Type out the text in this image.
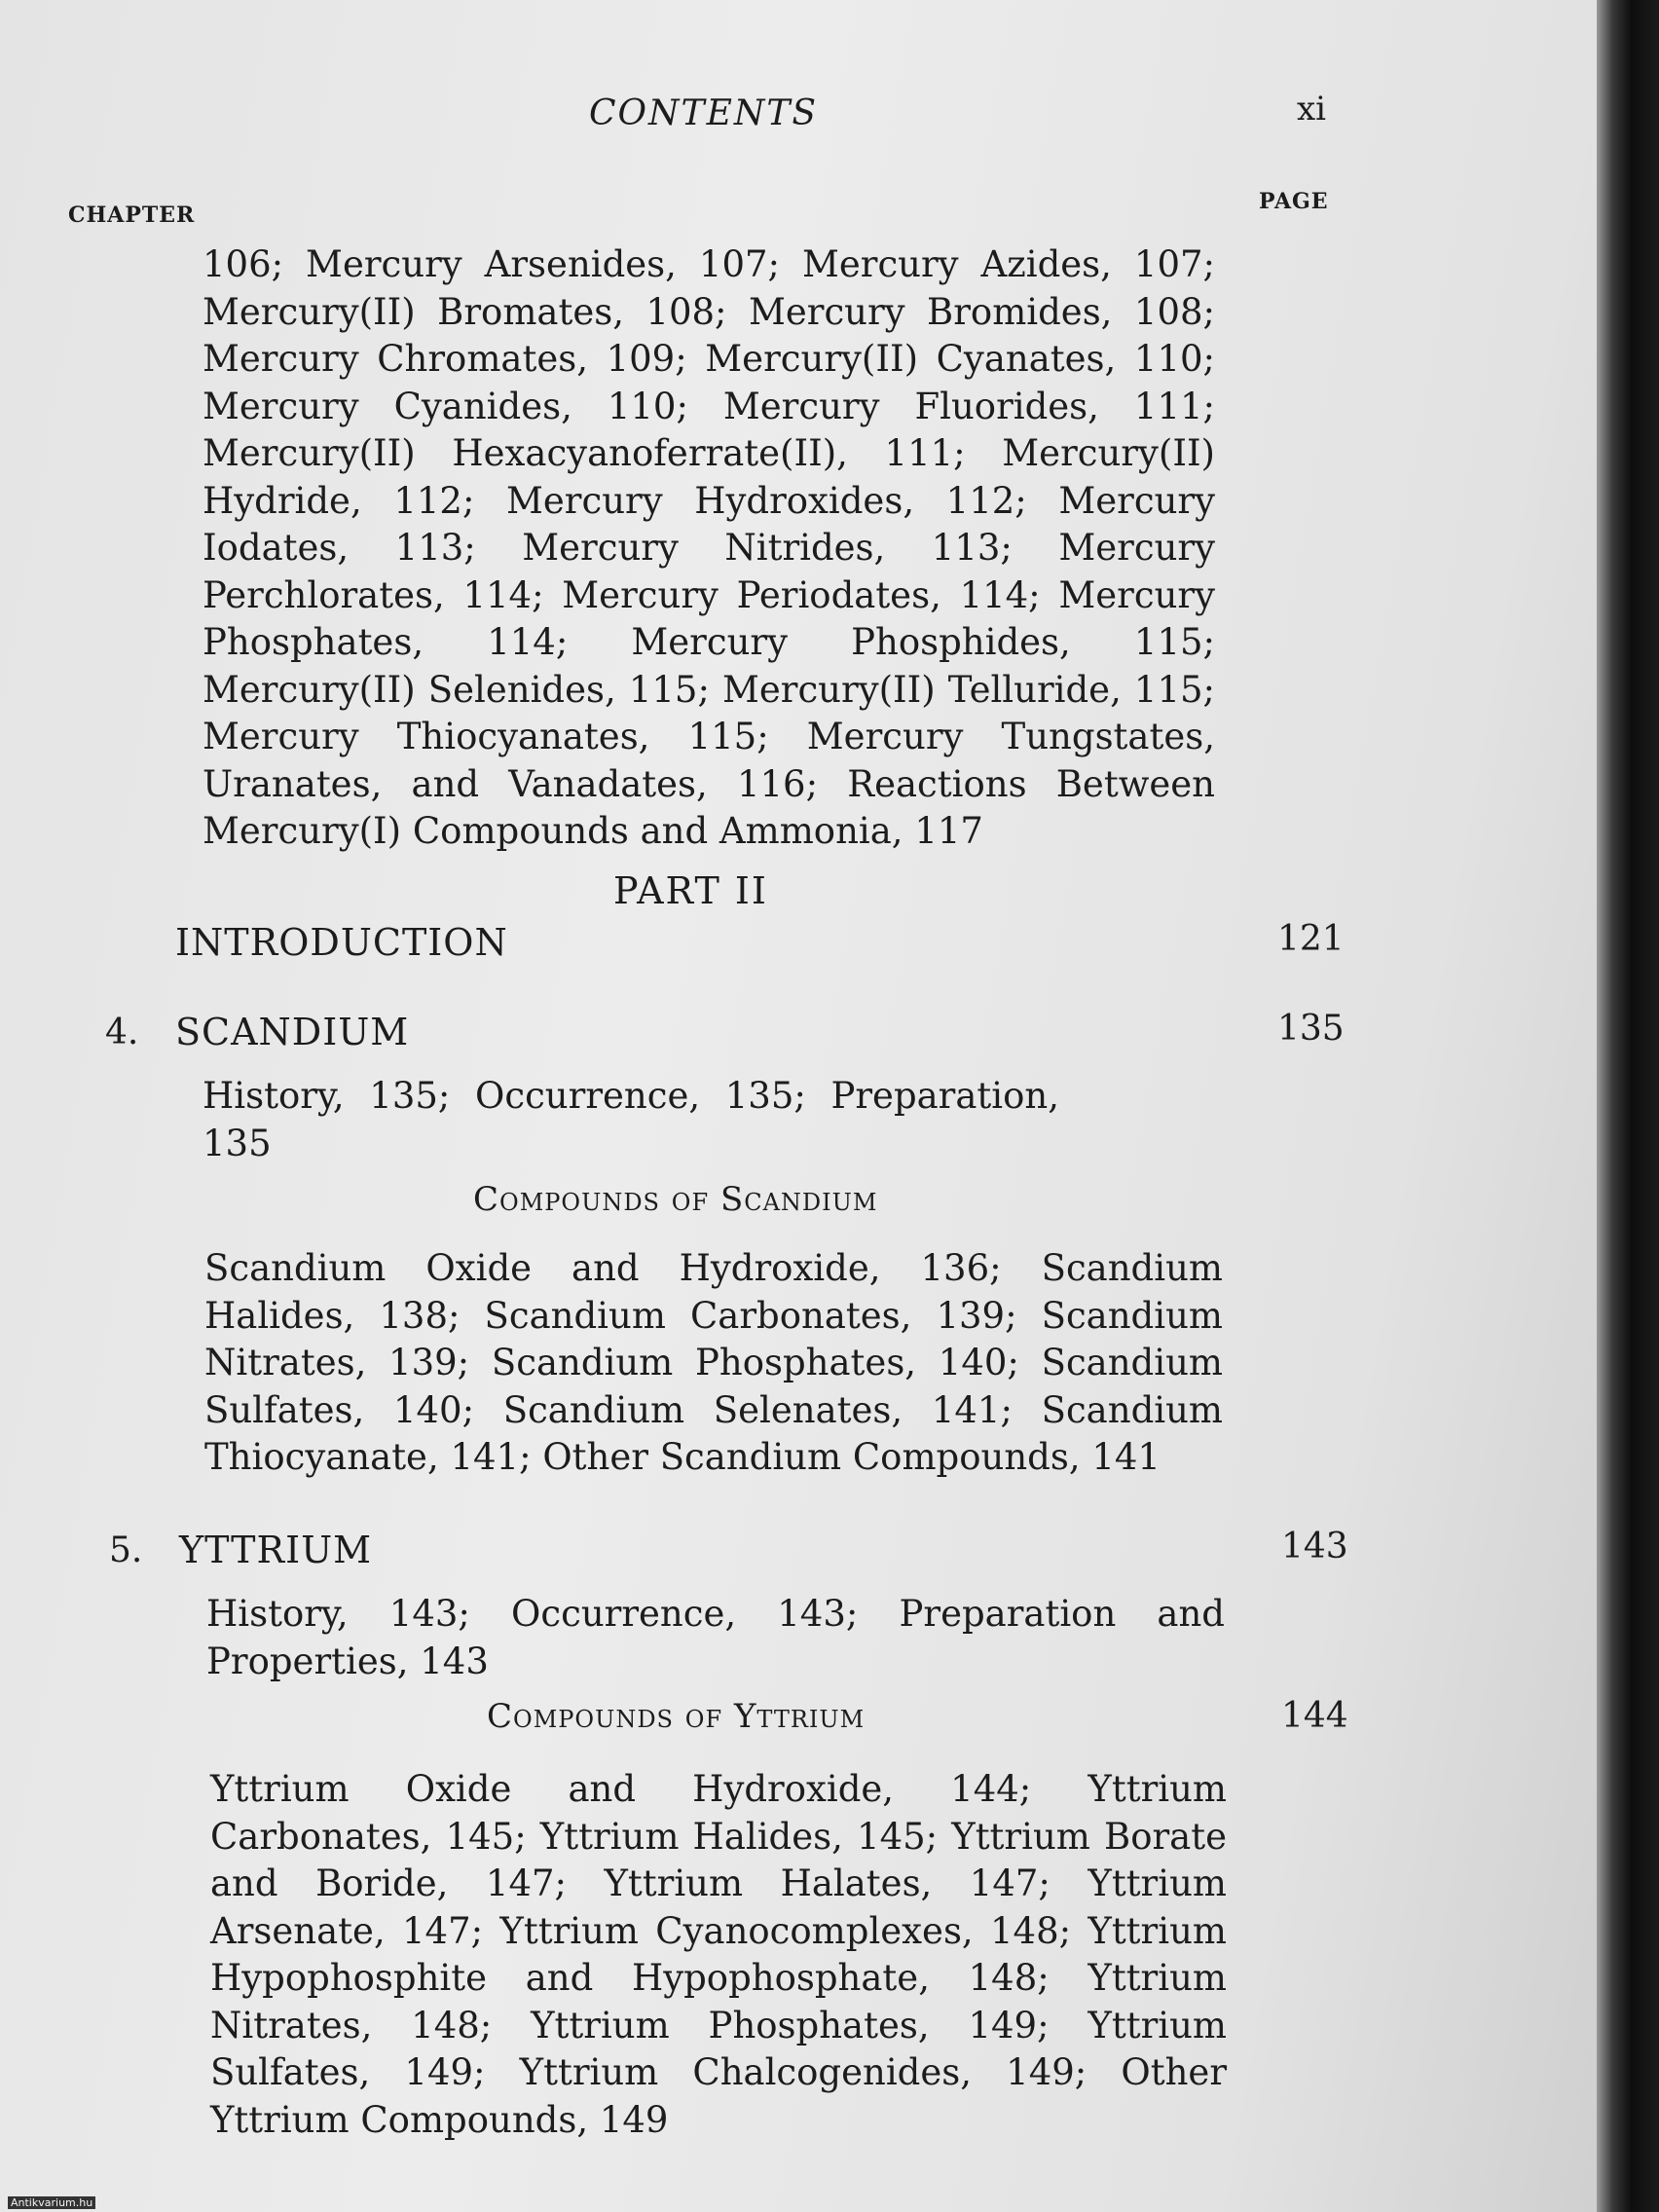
CONTENTS	xi
CHAPTER
PAGE
106; Mercury Arsenides, 107; Mercury Azides, 107; Mercury(II) Bromates, 108; Mercury Bromides, 108; Mercury Chromates, 109; Mercury(II) Cyanates, 110; Mercury Cyanides, 110; Mercury Fluorides, 111; Mercury(II) Hexacyanoferrate(II), 111; Mercury(II) Hydride, 112; Mercury Hydroxides, 112; Mercury Iodates, 113; Mercury Nitrides, 113; Mercury Perchlorates, 114; Mercury Periodates, 114; Mercury Phosphates, 114; Mercury Phosphides, 115; Mercury(II) Selenides, 115; Mercury(II) Telluride, 115; Mercury Thiocyanates, 115; Mercury Tungstates, Uranates, and Vanadates, 116; Reactions Between Mercury(I) Compounds and Ammonia, 117
PART II
INTRODUCTION	121
4. SCANDIUM	135
History, 135; Occurrence, 135; Preparation, 135
Compounds of Scandium
Scandium Oxide and Hydroxide, 136; Scandium Halides, 138; Scandium Carbonates, 139; Scandium Nitrates, 139; Scandium Phosphates, 140; Scandium Sulfates, 140; Scandium Selenates, 141; Scandium Thiocyanate, 141; Other Scandium Compounds, 141
5. YTTRIUM	143
History, 143; Occurrence, 143; Preparation and Properties, 143
Compounds of Yttrium	144
Yttrium Oxide and Hydroxide, 144; Yttrium Carbonates, 145; Yttrium Halides, 145; Yttrium Borate and Boride, 147; Yttrium Halates, 147; Yttrium Arsenate, 147; Yttrium Cyanocomplexes, 148; Yttrium Hypophosphite and Hypophosphate, 148; Yttrium Nitrates, 148; Yttrium Phosphates, 149; Yttrium Sulfates, 149; Yttrium Chalcogenides, 149; Other Yttrium Compounds, 149
Antikvarium.hu
